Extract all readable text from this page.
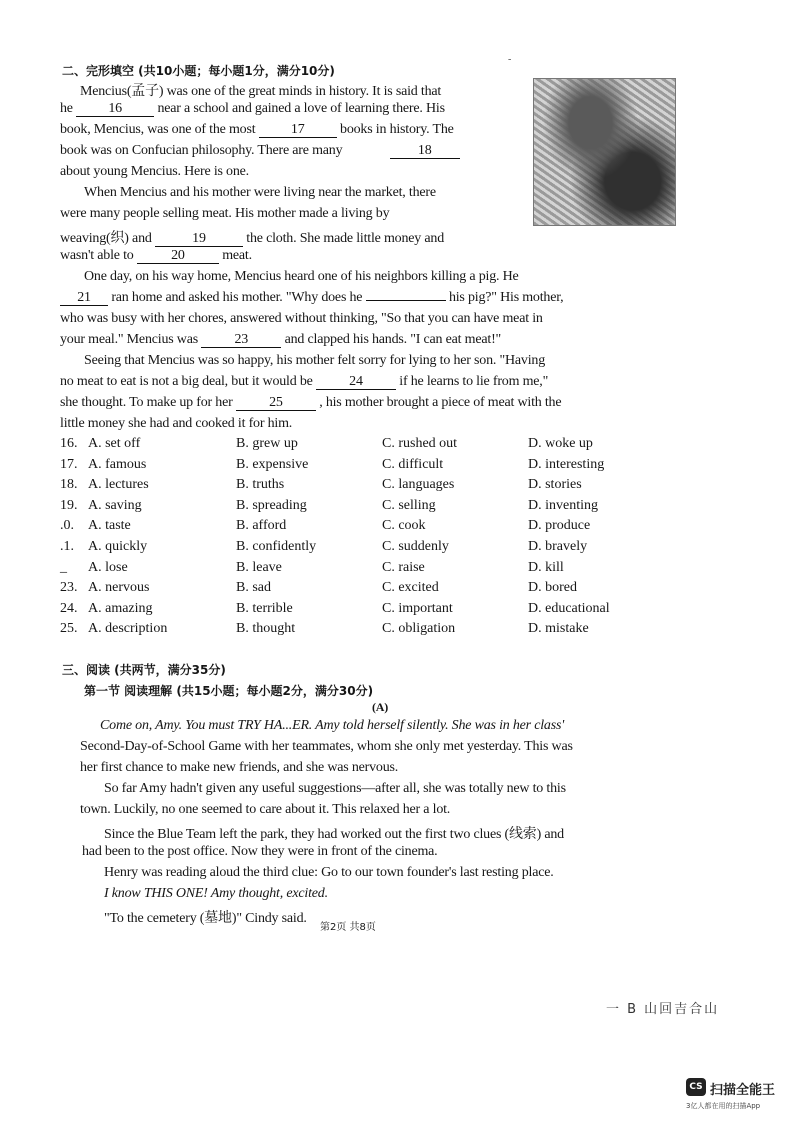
-
二、完形填空 (共10小题；每小题1分，满分10分)
Mencius(孟子) was one of the great minds in history. It is said that
he	16	near a school and gained a love of learning there. His
book, Mencius, was one of the most	17	books in history. The
book was on Confucian philosophy. There are many	18
about young Mencius. Here is one.
When Mencius and his mother were living near the market, there
were many people selling meat. His mother made a living by
weaving(织) and	19	the cloth. She made little money and
wasn't able to	20	meat.
One day, on his way home, Mencius heard one of his neighbors killing a pig. He
21 ran home and asked his mother. "Why does he	his pig?" His mother,
who was busy with her chores, answered without thinking, "So that you can have meat in
your meal." Mencius was	23	and clapped his hands. "I can eat meat!"
Seeing that Mencius was so happy, his mother felt sorry for lying to her son. "Having
no meat to eat is not a big deal, but it would be	24	if he learns to lie from me,"
she thought. To make up for her	25	, his mother brought a piece of meat with the
little money she had and cooked it for him.
16. A. set off	B. grew up	C. rushed out	D. woke up
17. A. famous	B. expensive	C. difficult	D. interesting
18. A. lectures	B. truths	C. languages	D. stories
19. A. saving	B. spreading	C. selling	D. inventing
.0. A. taste	B. afford	C. cook	D. produce
.1. A. quickly	B. confidently	C. suddenly	D. bravely
_ A. lose	B. leave	C. raise	D. kill
23. A. nervous	B. sad	C. excited	D. bored
24. A. amazing	B. terrible	C. important	D. educational
25. A. description	B. thought	C. obligation	D. mistake
三、阅读 (共两节，满分35分)
第一节 阅读理解 (共15小题；每小题2分，满分30分)
(A)
Come on, Amy. You must TRY HA...ER. Amy told herself silently. She was in her class'
Second-Day-of-School Game with her teammates, whom she only met yesterday. This was
her first chance to make new friends, and she was nervous.
So far Amy hadn't given any useful suggestions—after all, she was totally new to this
town. Luckily, no one seemed to care about it. This relaxed her a lot.
Since the Blue Team left the park, they had worked out the first two clues (线索) and
had been to the post office. Now they were in front of the cinema.
Henry was reading aloud the third clue: Go to our town founder's last resting place.
I know THIS ONE! Amy thought, excited.
"To the cemetery (墓地)" Cindy said.
第2页 共8页
一 B 山回吉合山
CS 扫描全能王
3亿人都在用的扫描App
